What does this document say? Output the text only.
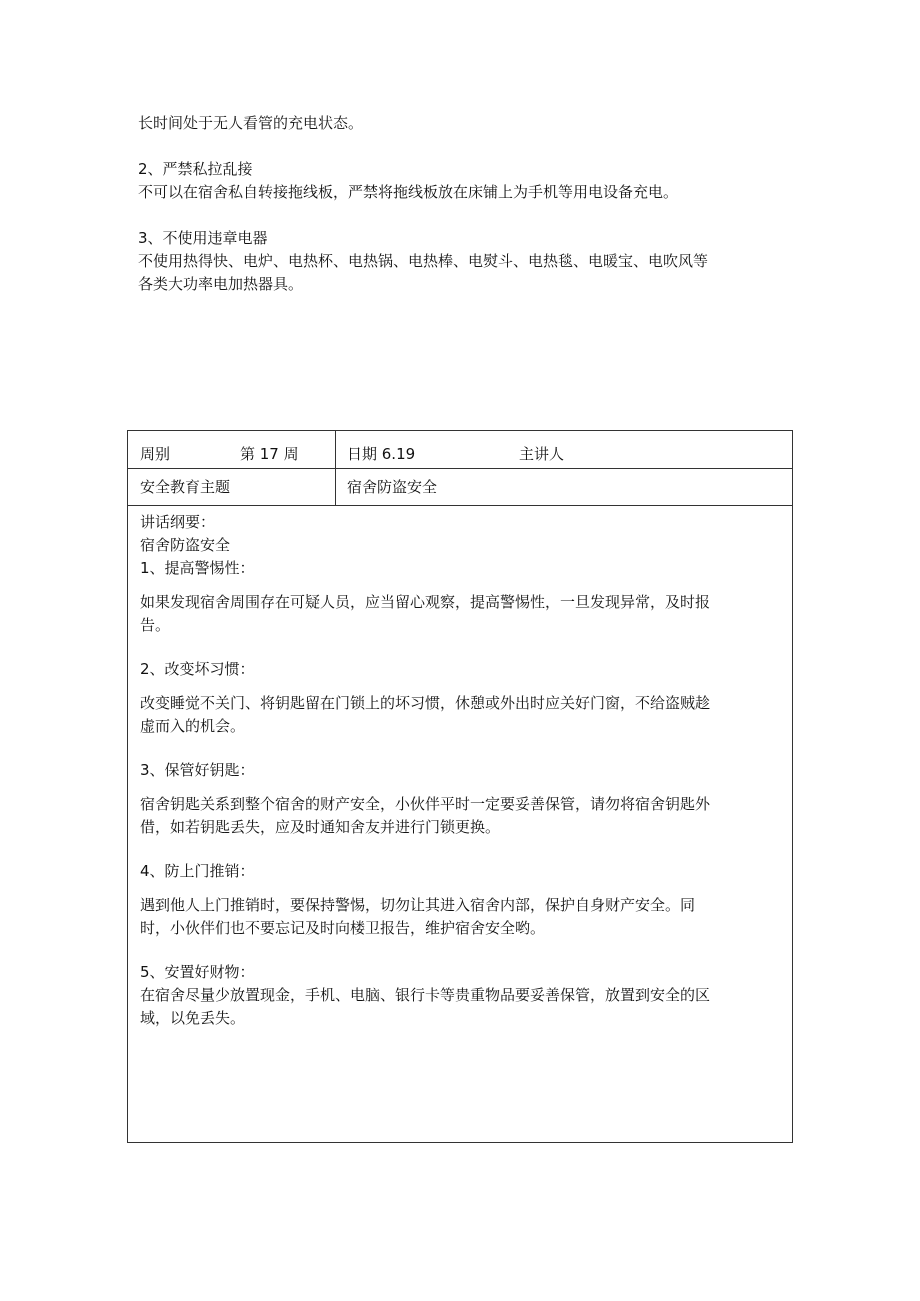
长时间处于无人看管的充电状态。

2、严禁私拉乱接

不可以在宿舍私自转接拖线板，严禁将拖线板放在床铺上为手机等用电设备充电。

3、不使用违章电器

不使用热得快、电炉、电热杯、电热锅、电热棒、电熨斗、电热毯、电暖宝、电吹风等

各类大功率电加热器具。

周别	第 17 周	日期 6.19	主讲人
安全教育主题	宿舍防盗安全

讲话纲要：

宿舍防盗安全

1、提高警惕性：

如果发现宿舍周围存在可疑人员，应当留心观察，提高警惕性，一旦发现异常，及时报

告。

2、改变坏习惯：

改变睡觉不关门、将钥匙留在门锁上的坏习惯，休憩或外出时应关好门窗，不给盗贼趁

虚而入的机会。

3、保管好钥匙：

宿舍钥匙关系到整个宿舍的财产安全，小伙伴平时一定要妥善保管，请勿将宿舍钥匙外

借，如若钥匙丢失，应及时通知舍友并进行门锁更换。

4、防上门推销：

遇到他人上门推销时，要保持警惕，切勿让其进入宿舍内部，保护自身财产安全。同

时，小伙伴们也不要忘记及时向楼卫报告，维护宿舍安全哟。

5、安置好财物：

在宿舍尽量少放置现金，手机、电脑、银行卡等贵重物品要妥善保管，放置到安全的区

域，以免丢失。
